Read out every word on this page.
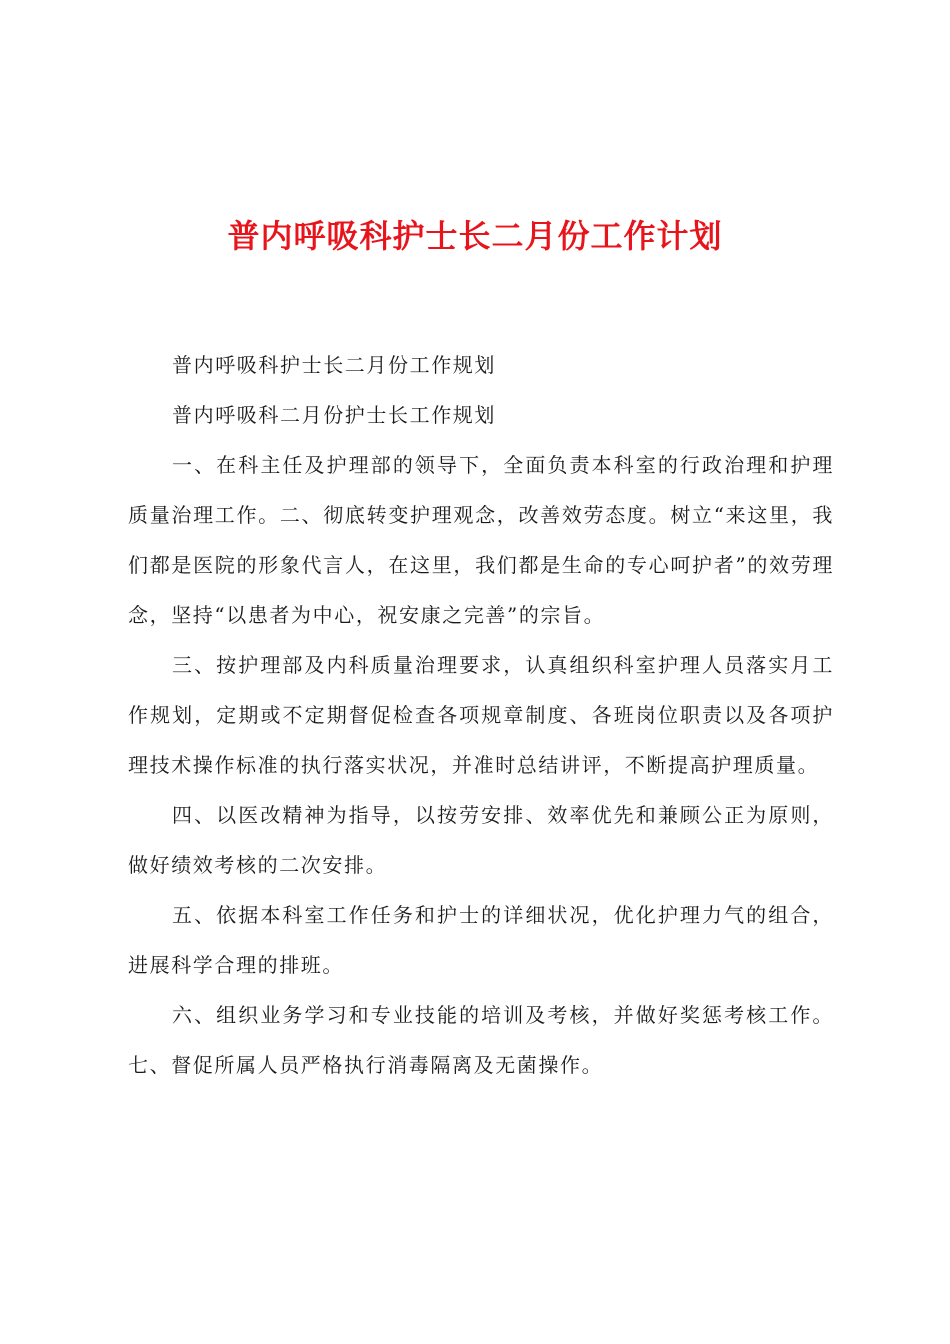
普内呼吸科护士长二月份工作计划

普内呼吸科护士长二月份工作规划

普内呼吸科二月份护士长工作规划

一、在科主任及护理部的领导下，全面负责本科室的行政治理和护理质量治理工作。二、彻底转变护理观念，改善效劳态度。树立“来这里，我们都是医院的形象代言人，在这里，我们都是生命的专心呵护者”的效劳理念，坚持“以患者为中心，祝安康之完善”的宗旨。

三、按护理部及内科质量治理要求，认真组织科室护理人员落实月工作规划，定期或不定期督促检查各项规章制度、各班岗位职责以及各项护理技术操作标准的执行落实状况，并准时总结讲评，不断提高护理质量。

四、以医改精神为指导，以按劳安排、效率优先和兼顾公正为原则，做好绩效考核的二次安排。

五、依据本科室工作任务和护士的详细状况，优化护理力气的组合，进展科学合理的排班。

六、组织业务学习和专业技能的培训及考核，并做好奖惩考核工作。七、督促所属人员严格执行消毒隔离及无菌操作。
